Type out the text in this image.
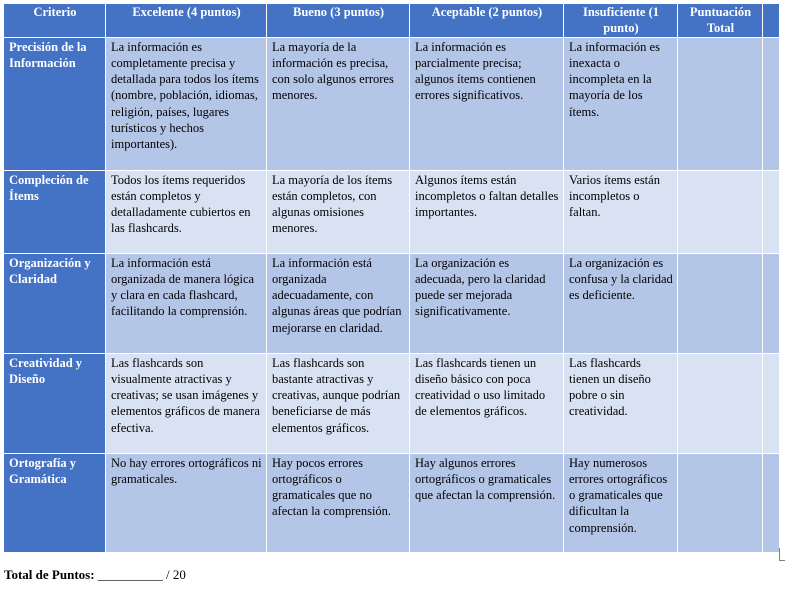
Criterio	Excelente (4 puntos)	Bueno (3 puntos)	Aceptable (2 puntos)	Insuficiente (1 punto)	Puntuación Total	
Precisión de la Información	La información es completamente precisa y detallada para todos los ítems (nombre, población, idiomas, religión, países, lugares turísticos y hechos importantes).	La mayoría de la información es precisa, con solo algunos errores menores.	La información es parcialmente precisa; algunos ítems contienen errores significativos.	La información es inexacta o incompleta en la mayoría de los ítems.		
Compleción de Ítems	Todos los ítems requeridos están completos y detalladamente cubiertos en las flashcards.	La mayoría de los ítems están completos, con algunas omisiones menores.	Algunos ítems están incompletos o faltan detalles importantes.	Varios ítems están incompletos o faltan.		
Organización y Claridad	La información está organizada de manera lógica y clara en cada flashcard, facilitando la comprensión.	La información está organizada adecuadamente, con algunas áreas que podrían mejorarse en claridad.	La organización es adecuada, pero la claridad puede ser mejorada significativamente.	La organización es confusa y la claridad es deficiente.		
Creatividad y Diseño	Las flashcards son visualmente atractivas y creativas; se usan imágenes y elementos gráficos de manera efectiva.	Las flashcards son bastante atractivas y creativas, aunque podrían beneficiarse de más elementos gráficos.	Las flashcards tienen un diseño básico con poca creatividad o uso limitado de elementos gráficos.	Las flashcards tienen un diseño pobre o sin creatividad.		
Ortografía y Gramática	No hay errores ortográficos ni gramaticales.	Hay pocos errores ortográficos o gramaticales que no afectan la comprensión.	Hay algunos errores ortográficos o gramaticales que afectan la comprensión.	Hay numerosos errores ortográficos o gramaticales que dificultan la comprensión.		
Total de Puntos: __________ / 20
